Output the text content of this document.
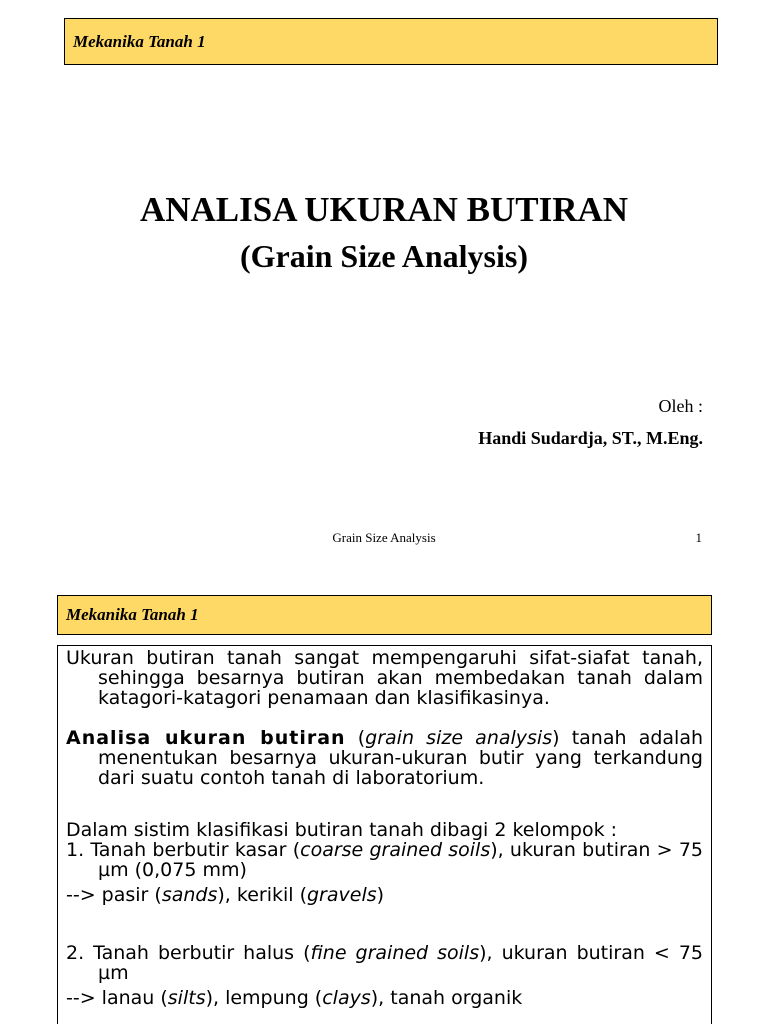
Mekanika Tanah 1
ANALISA UKURAN BUTIRAN
(Grain Size Analysis)
Oleh :
Handi Sudardja, ST., M.Eng.
Grain Size Analysis	1
Mekanika Tanah 1
Ukuran butiran tanah sangat mempengaruhi sifat-siafat tanah, sehingga besarnya butiran akan membedakan tanah dalam katagori-katagori penamaan dan klasifikasinya.
Analisa ukuran butiran (grain size analysis) tanah adalah menentukan besarnya ukuran-ukuran butir yang terkandung dari suatu contoh tanah di laboratorium.
Dalam sistim klasifikasi butiran tanah dibagi 2 kelompok :
1. Tanah berbutir kasar (coarse grained soils), ukuran butiran > 75 µm (0,075 mm)
--> pasir (sands), kerikil (gravels)
2. Tanah berbutir halus (fine grained soils), ukuran butiran < 75 µm
--> lanau (silts), lempung (clays), tanah organik
